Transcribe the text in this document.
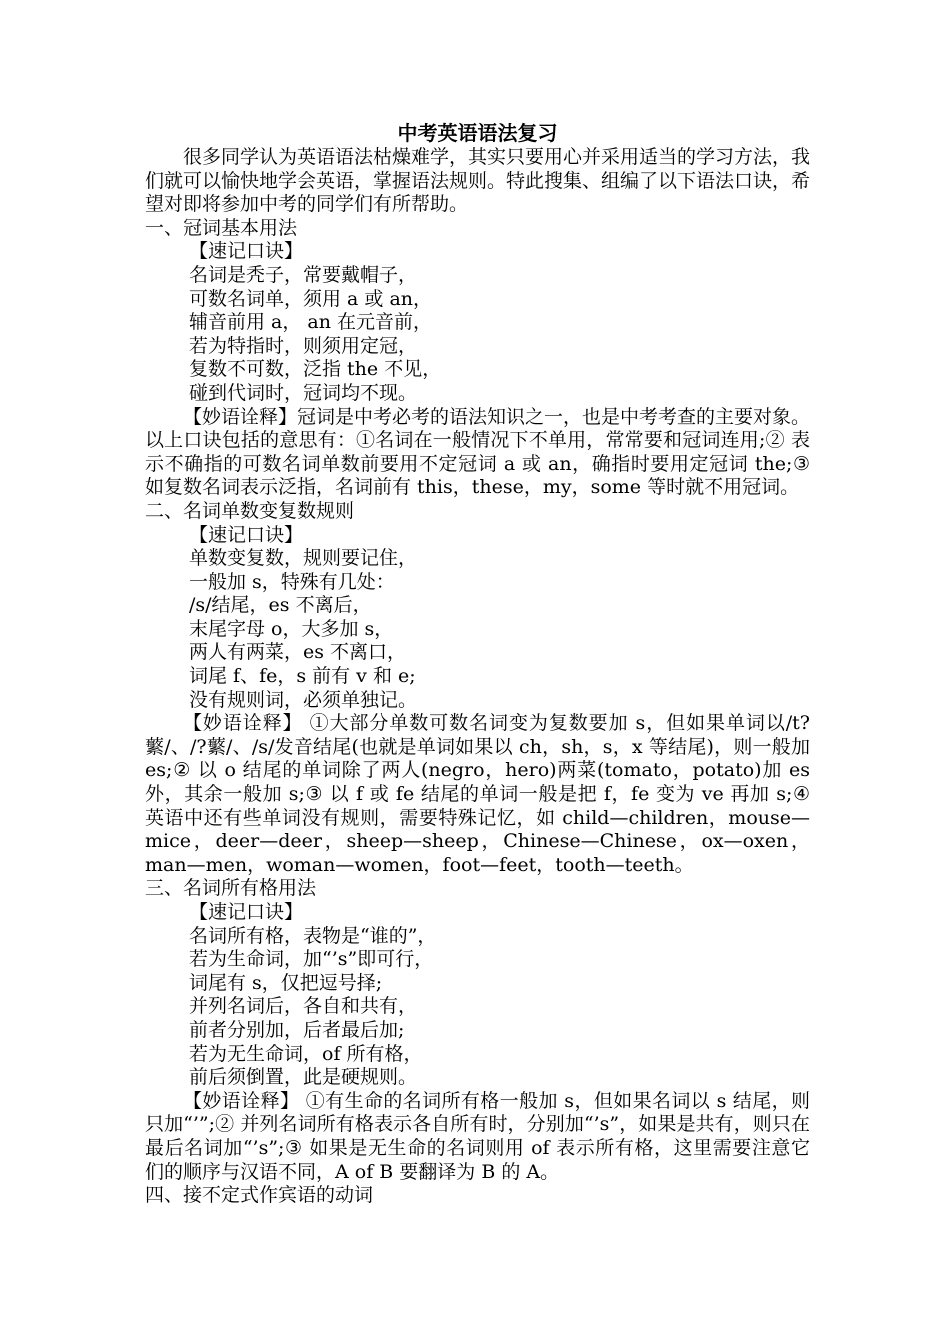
中考英语语法复习

很多同学认为英语语法枯燥难学，其实只要用心并采用适当的学习方法，我们就可以愉快地学会英语，掌握语法规则。特此搜集、组编了以下语法口诀，希望对即将参加中考的同学们有所帮助。

一、冠词基本用法

【速记口诀】

名词是秃子，常要戴帽子，

可数名词单，须用 a 或 an，

辅音前用 a， an 在元音前，

若为特指时，则须用定冠，

复数不可数，泛指 the 不见，

碰到代词时，冠词均不现。

【妙语诠释】冠词是中考必考的语法知识之一，也是中考考查的主要对象。以上口诀包括的意思有：①名词在一般情况下不单用，常常要和冠词连用;② 表示不确指的可数名词单数前要用不定冠词 a 或 an，确指时要用定冠词 the;③ 如复数名词表示泛指，名词前有 this，these，my，some 等时就不用冠词。

二、名词单数变复数规则

【速记口诀】

单数变复数，规则要记住，

一般加 s，特殊有几处：

/s/结尾，es 不离后，

末尾字母 o，大多加 s，

两人有两菜，es 不离口，

词尾 f、fe，s 前有 v 和 e;

没有规则词，必须单独记。

【妙语诠释】 ①大部分单数可数名词变为复数要加 s，但如果单词以/t?蘩/、/?蘩/、/s/发音结尾(也就是单词如果以 ch，sh，s，x 等结尾)，则一般加 es;② 以 o 结尾的单词除了两人(negro，hero)两菜(tomato，potato)加 es 外，其余一般加 s;③ 以 f 或 fe 结尾的单词一般是把 f，fe 变为 ve 再加 s;④ 英语中还有些单词没有规则，需要特殊记忆，如 child—children，mouse—mice，deer—deer，sheep—sheep，Chinese—Chinese，ox—oxen，man—men，woman—women，foot—feet，tooth—teeth。

三、名词所有格用法

【速记口诀】

名词所有格，表物是“谁的”，

若为生命词，加“’s”即可行，

词尾有 s，仅把逗号择;

并列名词后，各自和共有，

前者分别加，后者最后加;

若为无生命词，of 所有格，

前后须倒置，此是硬规则。

【妙语诠释】 ①有生命的名词所有格一般加 s，但如果名词以 s 结尾，则只加“’”;② 并列名词所有格表示各自所有时，分别加“’s”，如果是共有，则只在最后名词加“’s”;③ 如果是无生命的名词则用 of 表示所有格，这里需要注意它们的顺序与汉语不同，A of B 要翻译为 B 的 A。

四、接不定式作宾语的动词
